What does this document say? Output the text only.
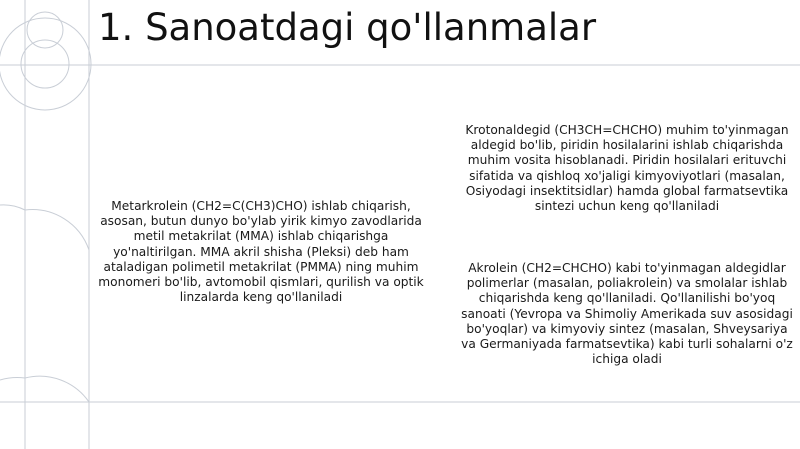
1. Sanoatdagi qo'llanmalar
Metarkrolein (CH2=C(CH3)CHO) ishlab chiqarish, asosan, butun dunyo bo'ylab yirik kimyo zavodlarida metil metakrilat (MMA) ishlab chiqarishga yo'naltirilgan. MMA akril shisha (Pleksi) deb ham ataladigan polimetil metakrilat (PMMA) ning muhim monomeri bo'lib, avtomobil qismlari, qurilish va optik linzalarda keng qo'llaniladi
Krotonaldegid (CH3CH=CHCHO) muhim to'yinmagan aldegid bo'lib, piridin hosilalarini ishlab chiqarishda muhim vosita hisoblanadi. Piridin hosilalari erituvchi sifatida va qishloq xo'jaligi kimyoviyotlari (masalan, Osiyodagi insektitsidlar) hamda global farmatsevtika sintezi uchun keng qo'llaniladi
Akrolein (CH2=CHCHO) kabi to'yinmagan aldegidlar polimerlar (masalan, poliakrolein) va smolalar ishlab chiqarishda keng qo'llaniladi. Qo'llanilishi bo'yoq sanoati (Yevropa va Shimoliy Amerikada suv asosidagi bo'yoqlar) va kimyoviy sintez (masalan, Shveysariya va Germaniyada farmatsevtika) kabi turli sohalarni o'z ichiga oladi
